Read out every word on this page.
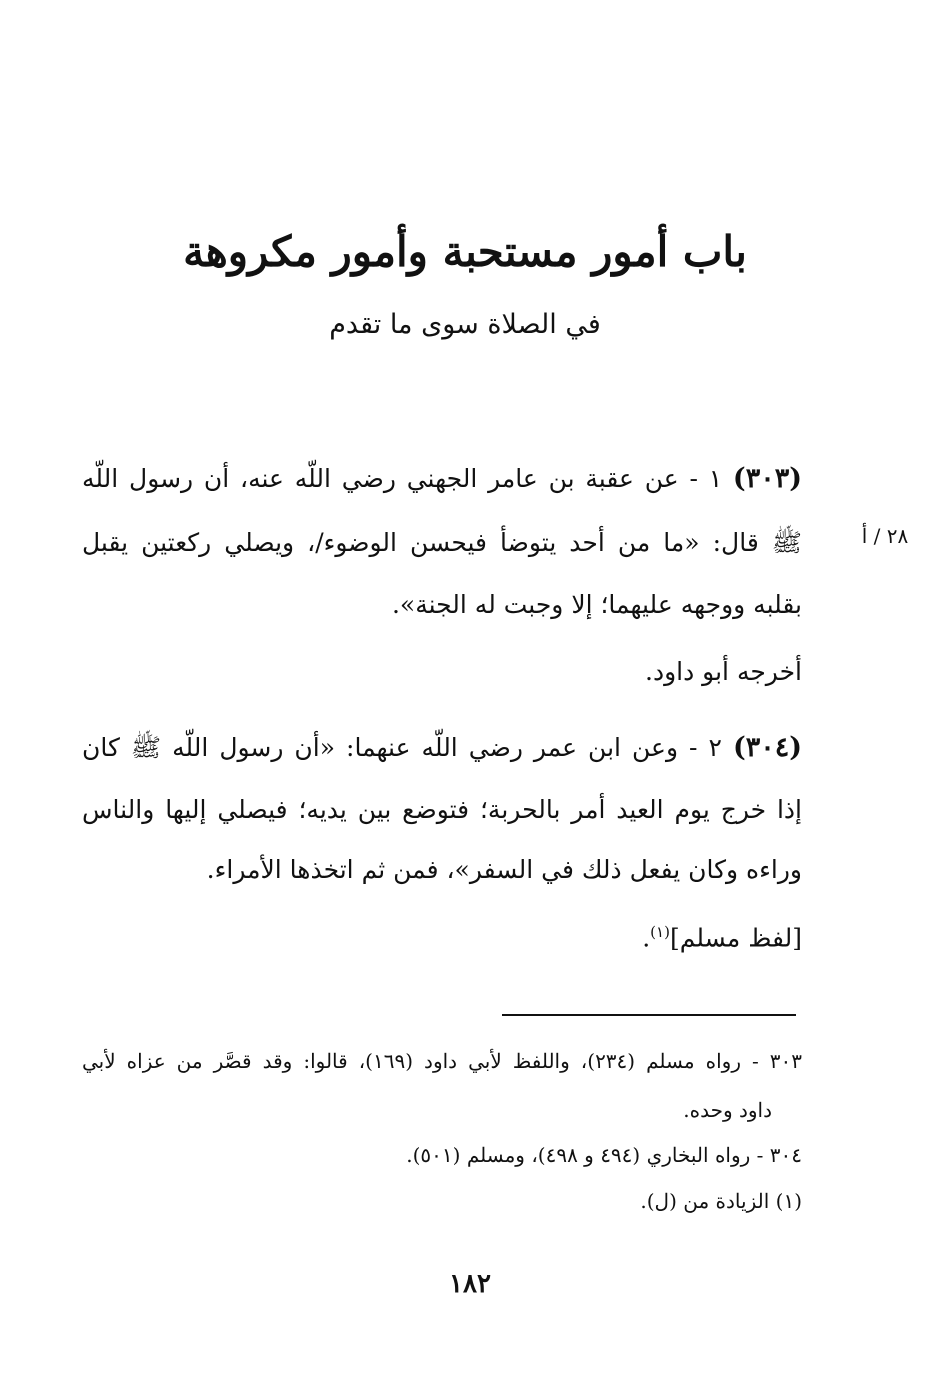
باب أمور مستحبة وأمور مكروهة
في الصلاة سوى ما تقدم
٢٨ / أ
(٣٠٣) ١ - عن عقبة بن عامر الجهني رضي اللّه عنه، أن رسول اللّه
ﷺ قال: «ما من أحد يتوضأ فيحسن الوضوء/، ويصلي ركعتين يقبل
بقلبه ووجهه عليهما؛ إلا وجبت له الجنة».
أخرجه أبو داود.
(٣٠٤) ٢ - وعن ابن عمر رضي اللّه عنهما: «أن رسول اللّه ﷺ كان
إذا خرج يوم العيد أمر بالحربة؛ فتوضع بين يديه؛ فيصلي إليها والناس
وراءه وكان يفعل ذلك في السفر»، فمن ثم اتخذها الأمراء.
[لفظ مسلم]$^{(١)}$.
٣٠٣ - رواه مسلم (٢٣٤)، واللفظ لأبي داود (١٦٩)، قالوا: وقد قصَّر من عزاه لأبي
داود وحده.
٣٠٤ - رواه البخاري (٤٩٤ و ٤٩٨)، ومسلم (٥٠١).
(١) الزيادة من (ل).
١٨٢
